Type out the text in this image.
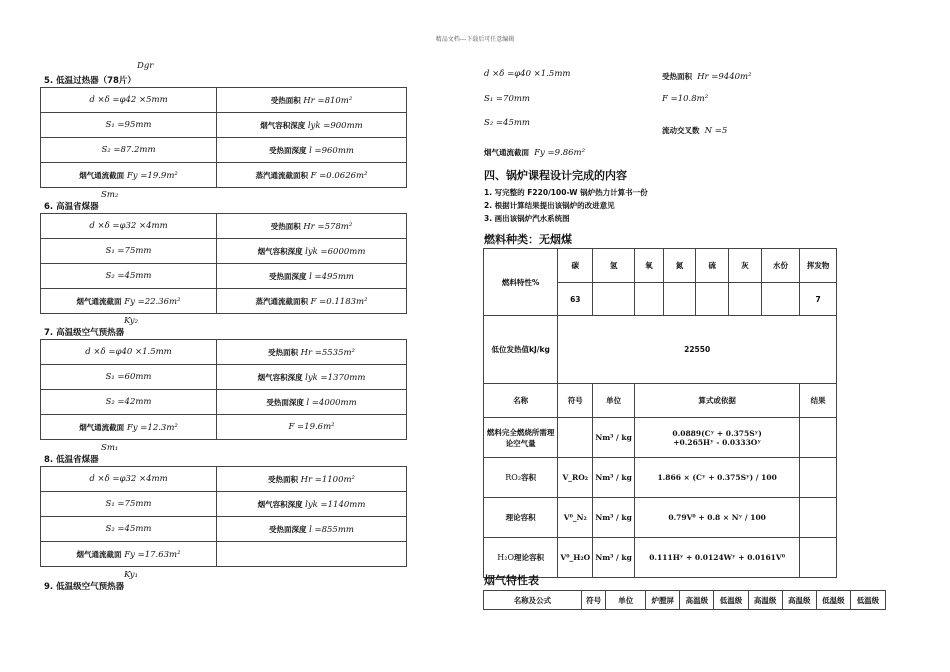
精品文档---下载后可任意编辑
Dgr
5. 低温过热器（78片）
d ×δ =φ42 ×5mm	受热面积 Hr =810m²
S₁ =95mm	烟气容积深度 lyk =900mm
S₂ =87.2mm	受热面深度 l =960mm
烟气通流截面 Fy =19.9m²	蒸汽通流截面积 F =0.0626m²
Sm₂
6. 高温省煤器
d ×δ =φ32 ×4mm	受热面积 Hr =578m²
S₁ =75mm	烟气容积深度 lyk =6000mm
S₂ =45mm	受热面深度 l =495mm
烟气通流截面 Fy =22.36m²	蒸汽通流截面积 F =0.1183m²
Ky₂
7. 高温级空气预热器
d ×δ =φ40 ×1.5mm	受热面积 Hr =5535m²
S₁ =60mm	烟气容积深度 lyk =1370mm
S₂ =42mm	受热面深度 l =4000mm
烟气通流截面 Fy =12.3m²	F =19.6m²
Sm₁
8. 低温省煤器
d ×δ =φ32 ×4mm	受热面积 Hr =1100m²
S₁ =75mm	烟气容积深度 lyk =1140mm
S₂ =45mm	受热面深度 l =855mm
烟气通流截面 Fy =17.63m²	
Ky₁
9. 低温级空气预热器
d ×δ =φ40 ×1.5mm	受热面积 Hr =9440m²
S₁ =70mm	F =10.8m²
S₂ =45mm
流动交叉数 N =5
烟气通流截面 Fy =9.86m²
四、锅炉课程设计完成的内容
1. 写完整的 F220/100-W 锅炉热力计算书一份
2. 根据计算结果提出该锅炉的改进意见
3. 画出该锅炉汽水系统图
燃料种类：无烟煤
燃料特性%	碳	氢	氧	氮	硫	灰	水份	挥发物
	63							7
低位发热值kJ/kg	22550							
名称	符号	单位	算式或依据					结果
燃料完全燃烧所需理论空气量		Nm³ / kg	0.0889(Cʸ + 0.375Sʸ)
+0.265Hʸ - 0.0333Oʸ					

RO₂容积	V_RO₂	Nm³ / kg	1.866 × (Cʸ + 0.375Sʸ) / 100					
理论容积	V⁰_N₂	Nm³ / kg	0.79V⁰ + 0.8 × Nʸ / 100					
H₂O理论容积	V⁰_H₂O	Nm³ / kg	0.111Hʸ + 0.0124Wʸ + 0.0161V⁰					
烟气特性表
名称及公式	符号	单位	炉膛屏	高温级	低温级	高温级	高温级	低温级	低温级
